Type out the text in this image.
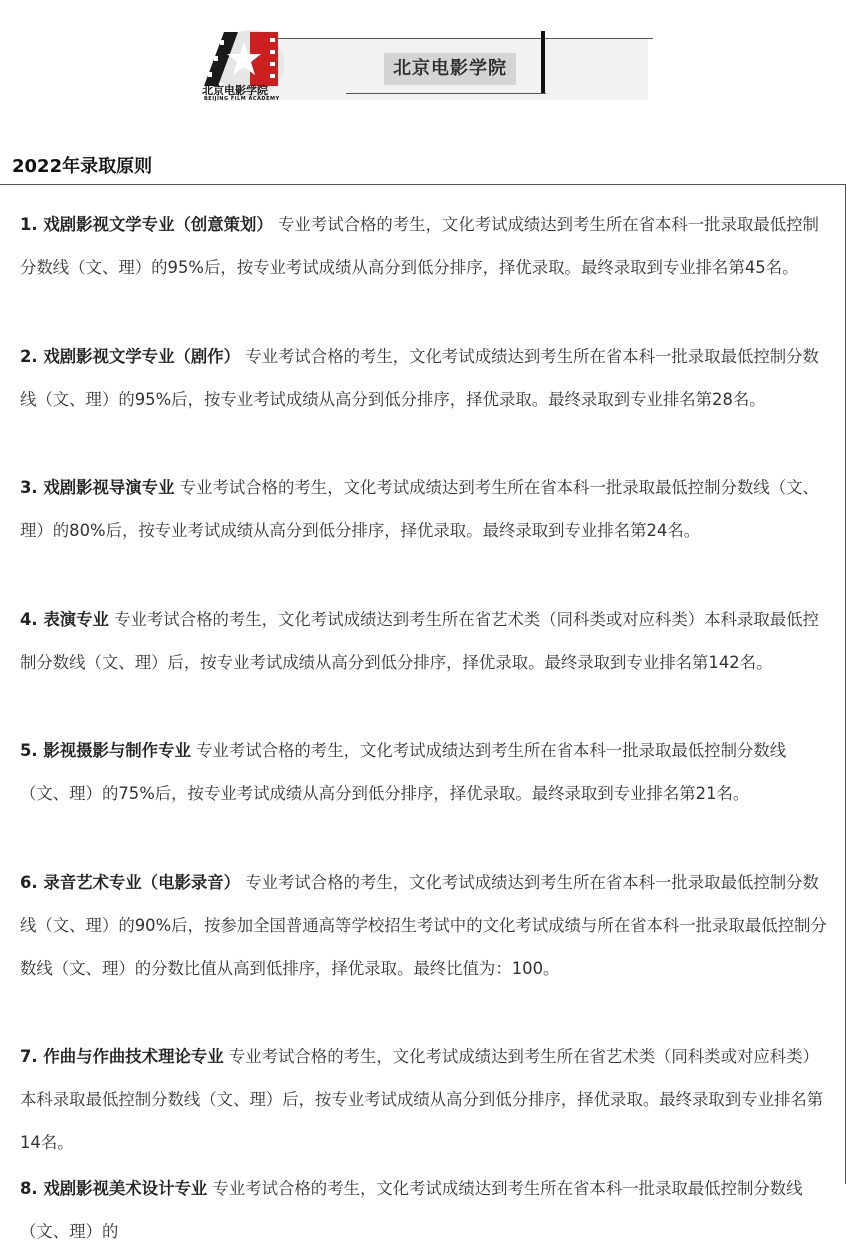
北京电影学院
北京电影学院
BEIJING FILM ACADEMY
2022年录取原则

1. 戏剧影视文学专业（创意策划） 专业考试合格的考生，文化考试成绩达到考生所在省本科一批录取最低控制分数线（文、理）的95%后，按专业考试成绩从高分到低分排序，择优录取。最终录取到专业排名第45名。

2. 戏剧影视文学专业（剧作） 专业考试合格的考生，文化考试成绩达到考生所在省本科一批录取最低控制分数线（文、理）的95%后，按专业考试成绩从高分到低分排序，择优录取。最终录取到专业排名第28名。

3. 戏剧影视导演专业 专业考试合格的考生，文化考试成绩达到考生所在省本科一批录取最低控制分数线（文、理）的80%后，按专业考试成绩从高分到低分排序，择优录取。最终录取到专业排名第24名。

4. 表演专业 专业考试合格的考生，文化考试成绩达到考生所在省艺术类（同科类或对应科类）本科录取最低控制分数线（文、理）后，按专业考试成绩从高分到低分排序，择优录取。最终录取到专业排名第142名。

5. 影视摄影与制作专业 专业考试合格的考生，文化考试成绩达到考生所在省本科一批录取最低控制分数线（文、理）的75%后，按专业考试成绩从高分到低分排序，择优录取。最终录取到专业排名第21名。

6. 录音艺术专业（电影录音） 专业考试合格的考生，文化考试成绩达到考生所在省本科一批录取最低控制分数线（文、理）的90%后，按参加全国普通高等学校招生考试中的文化考试成绩与所在省本科一批录取最低控制分数线（文、理）的分数比值从高到低排序，择优录取。最终比值为：100。

7. 作曲与作曲技术理论专业 专业考试合格的考生，文化考试成绩达到考生所在省艺术类（同科类或对应科类）本科录取最低控制分数线（文、理）后，按专业考试成绩从高分到低分排序，择优录取。最终录取到专业排名第14名。

8. 戏剧影视美术设计专业 专业考试合格的考生，文化考试成绩达到考生所在省本科一批录取最低控制分数线（文、理）的
